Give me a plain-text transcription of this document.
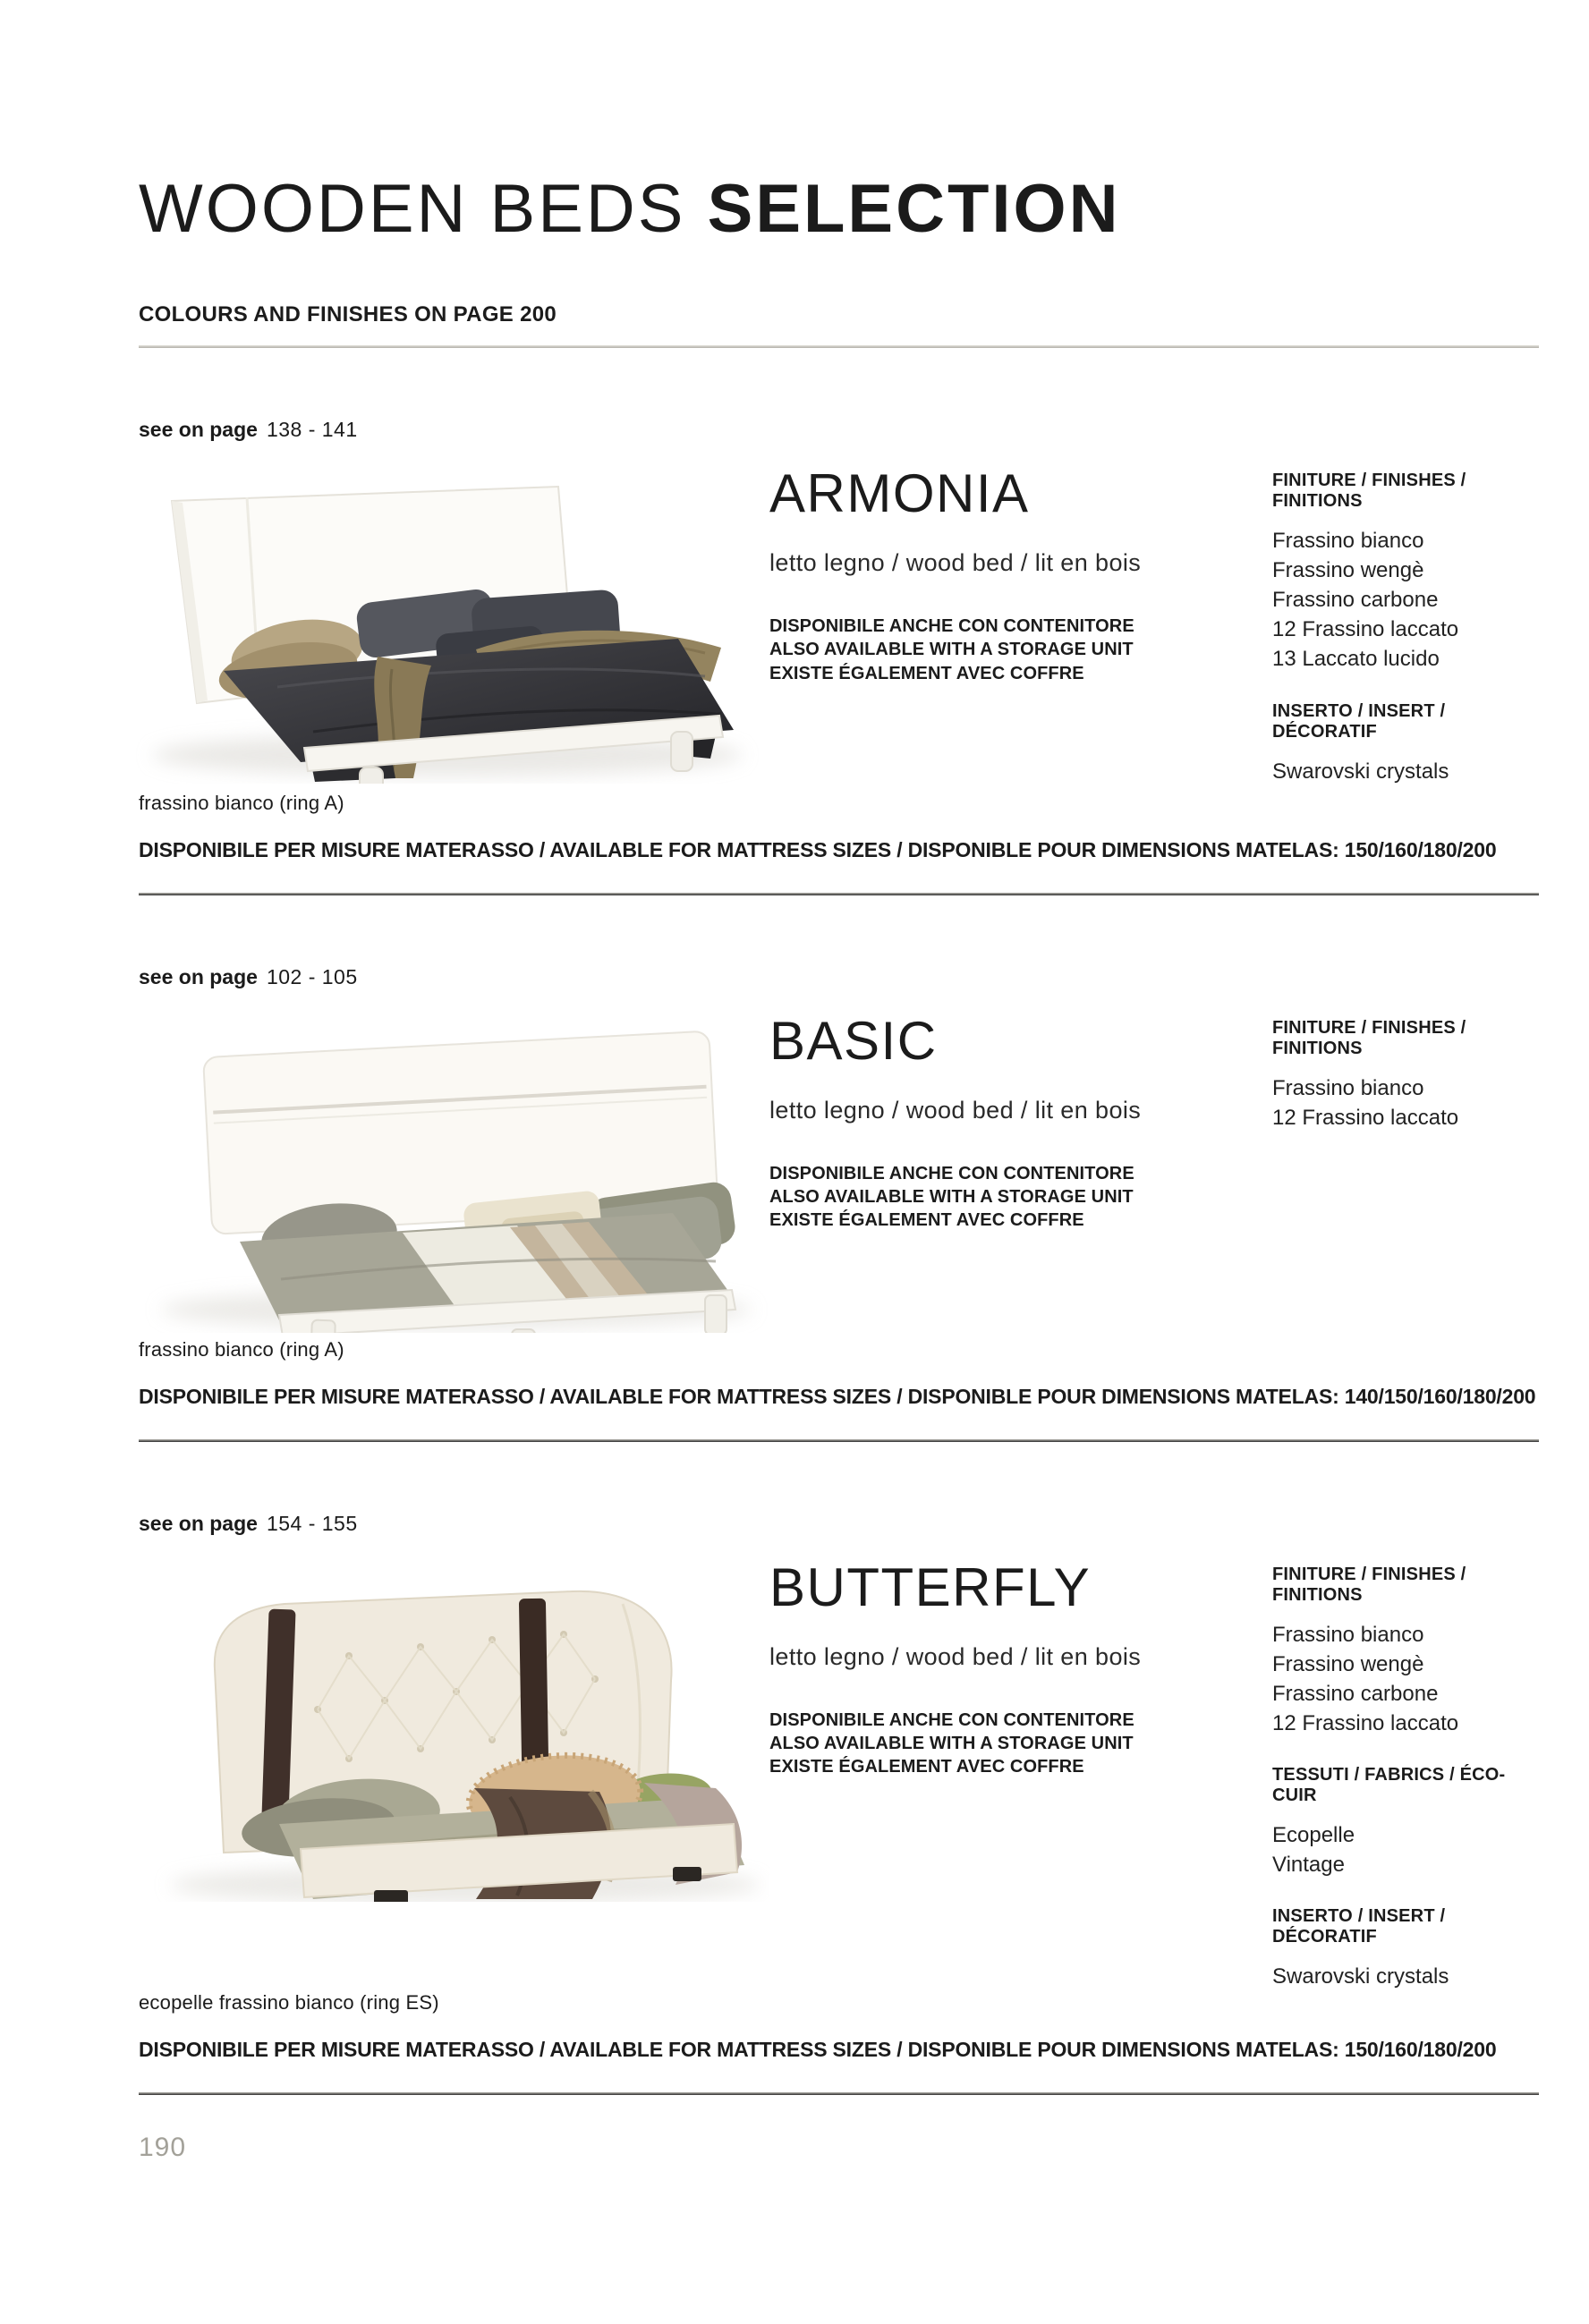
WOODEN BEDS SELECTION
COLOURS AND FINISHES ON PAGE 200
see on page 138 - 141
ARMONIA
letto legno / wood bed / lit en bois
DISPONIBILE ANCHE CON CONTENITORE
ALSO AVAILABLE WITH A STORAGE UNIT
EXISTE ÉGALEMENT AVEC COFFRE
FINITURE / FINISHES / FINITIONS
Frassino bianco
Frassino wengè
Frassino carbone
12 Frassino laccato
13 Laccato lucido
INSERTO / INSERT / DÉCORATIF
Swarovski crystals
frassino bianco (ring A)
DISPONIBILE PER MISURE MATERASSO / AVAILABLE FOR MATTRESS SIZES / DISPONIBLE POUR DIMENSIONS MATELAS: 150/160/180/200
see on page 102 - 105
BASIC
letto legno / wood bed / lit en bois
DISPONIBILE ANCHE CON CONTENITORE
ALSO AVAILABLE WITH A STORAGE UNIT
EXISTE ÉGALEMENT AVEC COFFRE
FINITURE / FINISHES / FINITIONS
Frassino bianco
12 Frassino laccato
frassino bianco (ring A)
DISPONIBILE PER MISURE MATERASSO / AVAILABLE FOR MATTRESS SIZES / DISPONIBLE POUR DIMENSIONS MATELAS: 140/150/160/180/200
see on page 154 - 155
BUTTERFLY
letto legno / wood bed / lit en bois
DISPONIBILE ANCHE CON CONTENITORE
ALSO AVAILABLE WITH A STORAGE UNIT
EXISTE ÉGALEMENT AVEC COFFRE
FINITURE / FINISHES / FINITIONS
Frassino bianco
Frassino wengè
Frassino carbone
12 Frassino laccato
TESSUTI / FABRICS / ÉCO-CUIR
Ecopelle
Vintage
INSERTO / INSERT / DÉCORATIF
Swarovski crystals
ecopelle frassino bianco (ring ES)
DISPONIBILE PER MISURE MATERASSO / AVAILABLE FOR MATTRESS SIZES / DISPONIBLE POUR DIMENSIONS MATELAS: 150/160/180/200
190
